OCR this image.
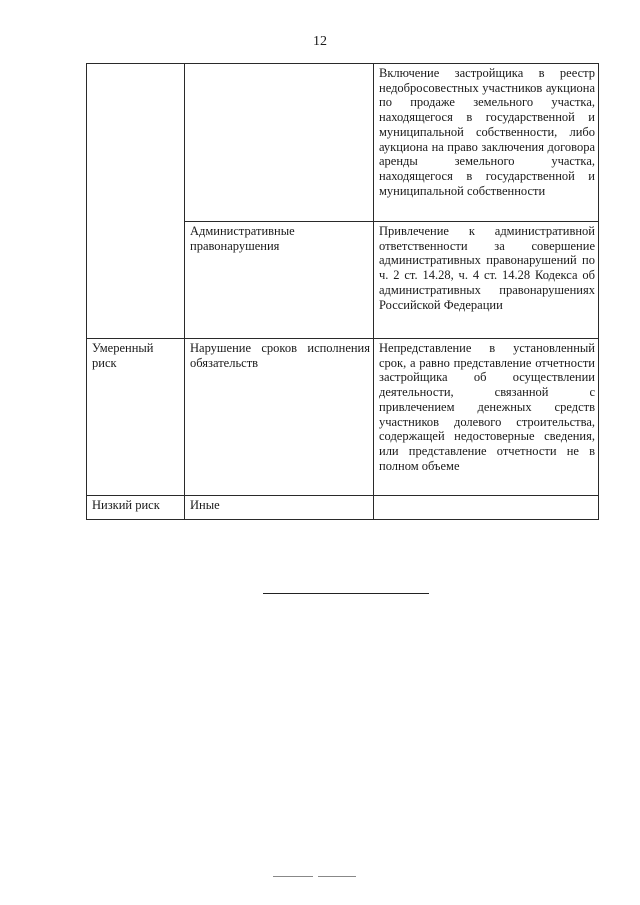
12
		Включение застройщика в реестр недобросовестных участников аукциона по продаже земельного участка, находящегося в государственной и муниципальной собственности, либо аукциона на право заключения договора аренды земельного участка, находящегося в государственной и муниципальной собственности
	Административные правонарушения	Привлечение к административной ответственности за совершение административных правонарушений по ч. 2 ст. 14.28, ч. 4 ст. 14.28 Кодекса об административных правонарушениях Российской Федерации
Умеренный риск	Нарушение сроков исполнения обязательств	Непредставление в установленный срок, а равно представление отчетности застройщика об осуществлении деятельности, связанной с привлечением денежных средств участников долевого строительства, содержащей недостоверные сведения, или представление отчетности не в полном объеме
Низкий риск	Иные	
